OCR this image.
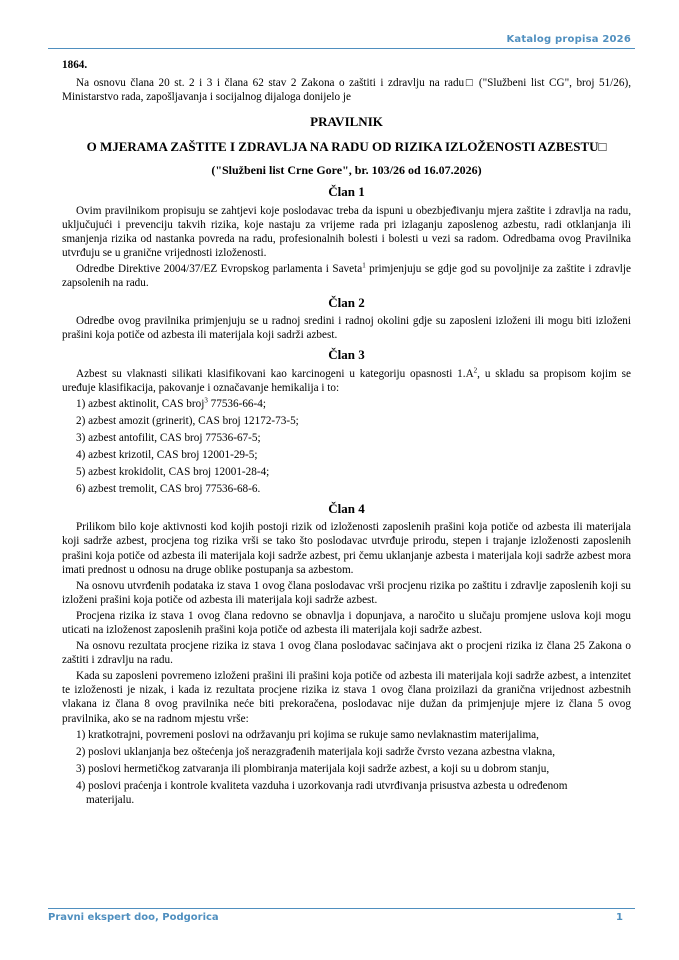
Katalog propisa 2026
1864.
Na osnovu člana 20 st. 2 i 3 i člana 62 stav 2 Zakona o zaštiti i zdravlju na radu□ ("Službeni list CG", broj 51/26), Ministarstvo rada, zapošljavanja i socijalnog dijaloga donijelo je
PRAVILNIK
O MJERAMA ZAŠTITE I ZDRAVLJA NA RADU OD RIZIKA IZLOŽENOSTI AZBESTU□
("Službeni list Crne Gore", br. 103/26 od 16.07.2026)
Član 1
Ovim pravilnikom propisuju se zahtjevi koje poslodavac treba da ispuni u obezbjeđivanju mjera zaštite i zdravlja na radu, uključujući i prevenciju takvih rizika, koje nastaju za vrijeme rada pri izlaganju zaposlenog azbestu, radi otklanjanja ili smanjenja rizika od nastanka povreda na radu, profesionalnih bolesti i bolesti u vezi sa radom. Odredbama ovog Pravilnika utvrđuju se u granične vrijednosti izloženosti.
Odredbe Direktive 2004/37/EZ Evropskog parlamenta i Saveta$^1$ primjenjuju se gdje god su povoljnije za zaštite i zdravlje zapsolenih na radu.
Član 2
Odredbe ovog pravilnika primjenjuju se u radnoj sredini i radnoj okolini gdje su zaposleni izloženi ili mogu biti izloženi prašini koja potiče od azbesta ili materijala koji sadrži azbest.
Član 3
Azbest su vlaknasti silikati klasifikovani kao karcinogeni u kategoriju opasnosti $1.A^2$, u skladu sa propisom kojim se uređuje klasifikacija, pakovanje i označavanje hemikalija i to:
1) azbest aktinolit, CAS broj$^3$ 77536-66-4;
2) azbest amozit (grinerit), CAS broj 12172-73-5;
3) azbest antofilit, CAS broj 77536-67-5;
4) azbest krizotil, CAS broj 12001-29-5;
5) azbest krokidolit, CAS broj 12001-28-4;
6) azbest tremolit, CAS broj 77536-68-6.
Član 4
Prilikom bilo koje aktivnosti kod kojih postoji rizik od izloženosti zaposlenih prašini koja potiče od azbesta ili materijala koji sadrže azbest, procjena tog rizika vrši se tako što poslodavac utvrđuje prirodu, stepen i trajanje izloženosti zaposlenih prašini koja potiče od azbesta ili materijala koji sadrže azbest, pri čemu uklanjanje azbesta i materijala koji sadrže azbest mora imati prednost u odnosu na druge oblike postupanja sa azbestom.
Na osnovu utvrđenih podataka iz stava 1 ovog člana poslodavac vrši procjenu rizika po zaštitu i zdravlje zaposlenih koji su izloženi prašini koja potiče od azbesta ili materijala koji sadrže azbest.
Procjena rizika iz stava 1 ovog člana redovno se obnavlja i dopunjava, a naročito u slučaju promjene uslova koji mogu uticati na izloženost zaposlenih prašini koja potiče od azbesta ili materijala koji sadrže azbest.
Na osnovu rezultata procjene rizika iz stava 1 ovog člana poslodavac sačinjava akt o procjeni rizika iz člana 25 Zakona o zaštiti i zdravlju na radu.
Kada su zaposleni povremeno izloženi prašini ili prašini koja potiče od azbesta ili materijala koji sadrže azbest, a intenzitet te izloženosti je nizak, i kada iz rezultata procjene rizika iz stava 1 ovog člana proizilazi da granična vrijednost azbestnih vlakana iz člana 8 ovog pravilnika neće biti prekoračena, poslodavac nije dužan da primjenjuje mjere iz člana 5 ovog pravilnika, ako se na radnom mjestu vrše:
1) kratkotrajni, povremeni poslovi na održavanju pri kojima se rukuje samo nevlaknastim materijalima,
2) poslovi uklanjanja bez oštećenja još nerazgrađenih materijala koji sadrže čvrsto vezana azbestna vlakna,
3) poslovi hermetičkog zatvaranja ili plombiranja materijala koji sadrže azbest, a koji su u dobrom stanju,
4) poslovi praćenja i kontrole kvaliteta vazduha i uzorkovanja radi utvrđivanja prisustva azbesta u određenom
materijalu.
Pravni ekspert doo, Podgorica	1
